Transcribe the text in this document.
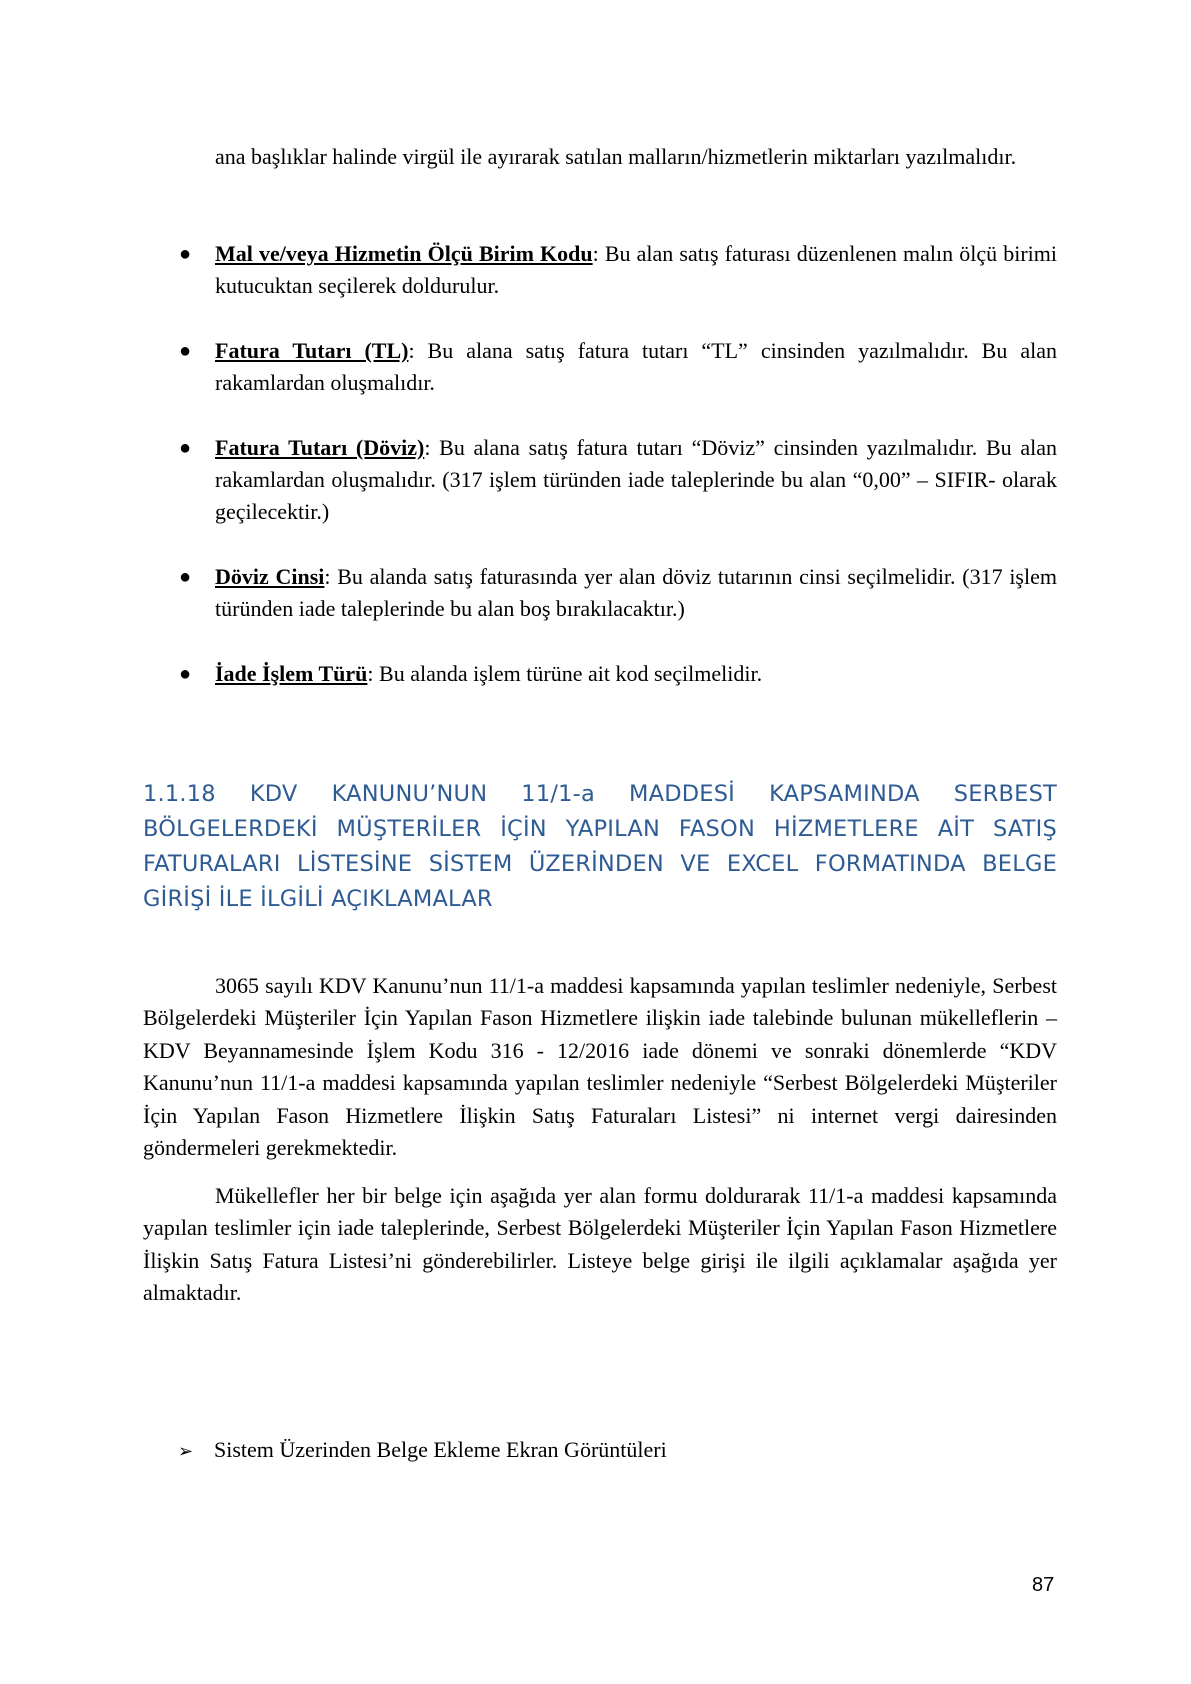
ana başlıklar halinde virgül ile ayırarak satılan malların/hizmetlerin miktarları yazılmalıdır.

● Mal ve/veya Hizmetin Ölçü Birim Kodu: Bu alan satış faturası düzenlenen malın ölçü birimi kutucuktan seçilerek doldurulur.
● Fatura Tutarı (TL): Bu alana satış fatura tutarı “TL” cinsinden yazılmalıdır. Bu alan rakamlardan oluşmalıdır.
● Fatura Tutarı (Döviz): Bu alana satış fatura tutarı “Döviz” cinsinden yazılmalıdır. Bu alan rakamlardan oluşmalıdır. (317 işlem türünden iade taleplerinde bu alan “0,00” – SIFIR- olarak geçilecektir.)
● Döviz Cinsi: Bu alanda satış faturasında yer alan döviz tutarının cinsi seçilmelidir. (317 işlem türünden iade taleplerinde bu alan boş bırakılacaktır.)
● İade İşlem Türü: Bu alanda işlem türüne ait kod seçilmelidir.
1.1.18 KDV KANUNU’NUN 11/1-a MADDESİ KAPSAMINDA SERBEST BÖLGELERDEKİ MÜŞTERİLER İÇİN YAPILAN FASON HİZMETLERE AİT SATIŞ FATURALARI LİSTESİNE SİSTEM ÜZERİNDEN VE EXCEL FORMATINDA BELGE GİRİŞİ İLE İLGİLİ AÇIKLAMALAR

3065 sayılı KDV Kanunu’nun 11/1-a maddesi kapsamında yapılan teslimler nedeniyle, Serbest Bölgelerdeki Müşteriler İçin Yapılan Fason Hizmetlere ilişkin iade talebinde bulunan mükelleflerin –KDV Beyannamesinde İşlem Kodu 316 - 12/2016 iade dönemi ve sonraki dönemlerde “KDV Kanunu’nun 11/1-a maddesi kapsamında yapılan teslimler nedeniyle “Serbest Bölgelerdeki Müşteriler İçin Yapılan Fason Hizmetlere İlişkin Satış Faturaları Listesi” ni internet vergi dairesinden göndermeleri gerekmektedir.

Mükellefler her bir belge için aşağıda yer alan formu doldurarak 11/1-a maddesi kapsamında yapılan teslimler için iade taleplerinde, Serbest Bölgelerdeki Müşteriler İçin Yapılan Fason Hizmetlere İlişkin Satış Fatura Listesi’ni gönderebilirler. Listeye belge girişi ile ilgili açıklamalar aşağıda yer almaktadır.

➢ Sistem Üzerinden Belge Ekleme Ekran Görüntüleri
87
